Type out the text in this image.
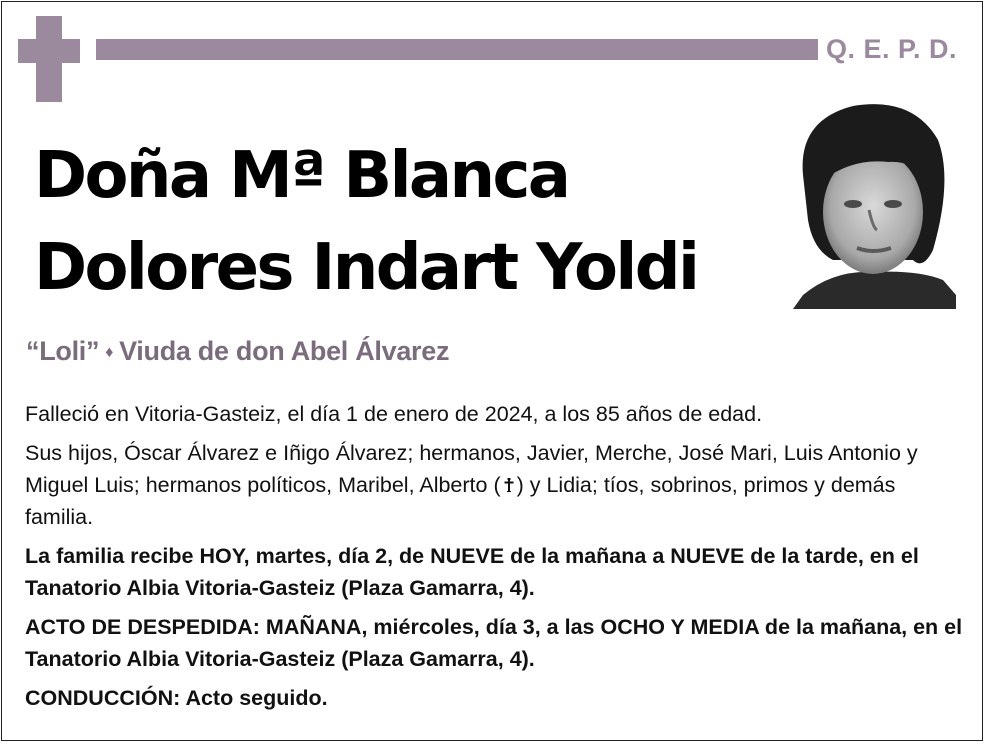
Q. E. P. D.
Doña Mª Blanca
Dolores Indart Yoldi
“Loli” ♦ Viuda de don Abel Álvarez

Falleció en Vitoria-Gasteiz, el día 1 de enero de 2024, a los 85 años de edad.

Sus hijos, Óscar Álvarez e Iñigo Álvarez; hermanos, Javier, Merche, José Mari, Luis Antonio y Miguel Luis; hermanos políticos, Maribel, Alberto ( ) y Lidia; tíos, sobrinos, primos y demás familia.

La familia recibe HOY, martes, día 2, de NUEVE de la mañana a NUEVE de la tarde, en el Tanatorio Albia Vitoria-Gasteiz (Plaza Gamarra, 4).

ACTO DE DESPEDIDA: MAÑANA, miércoles, día 3, a las OCHO Y MEDIA de la mañana, en el Tanatorio Albia Vitoria-Gasteiz (Plaza Gamarra, 4).

CONDUCCIÓN: Acto seguido.
